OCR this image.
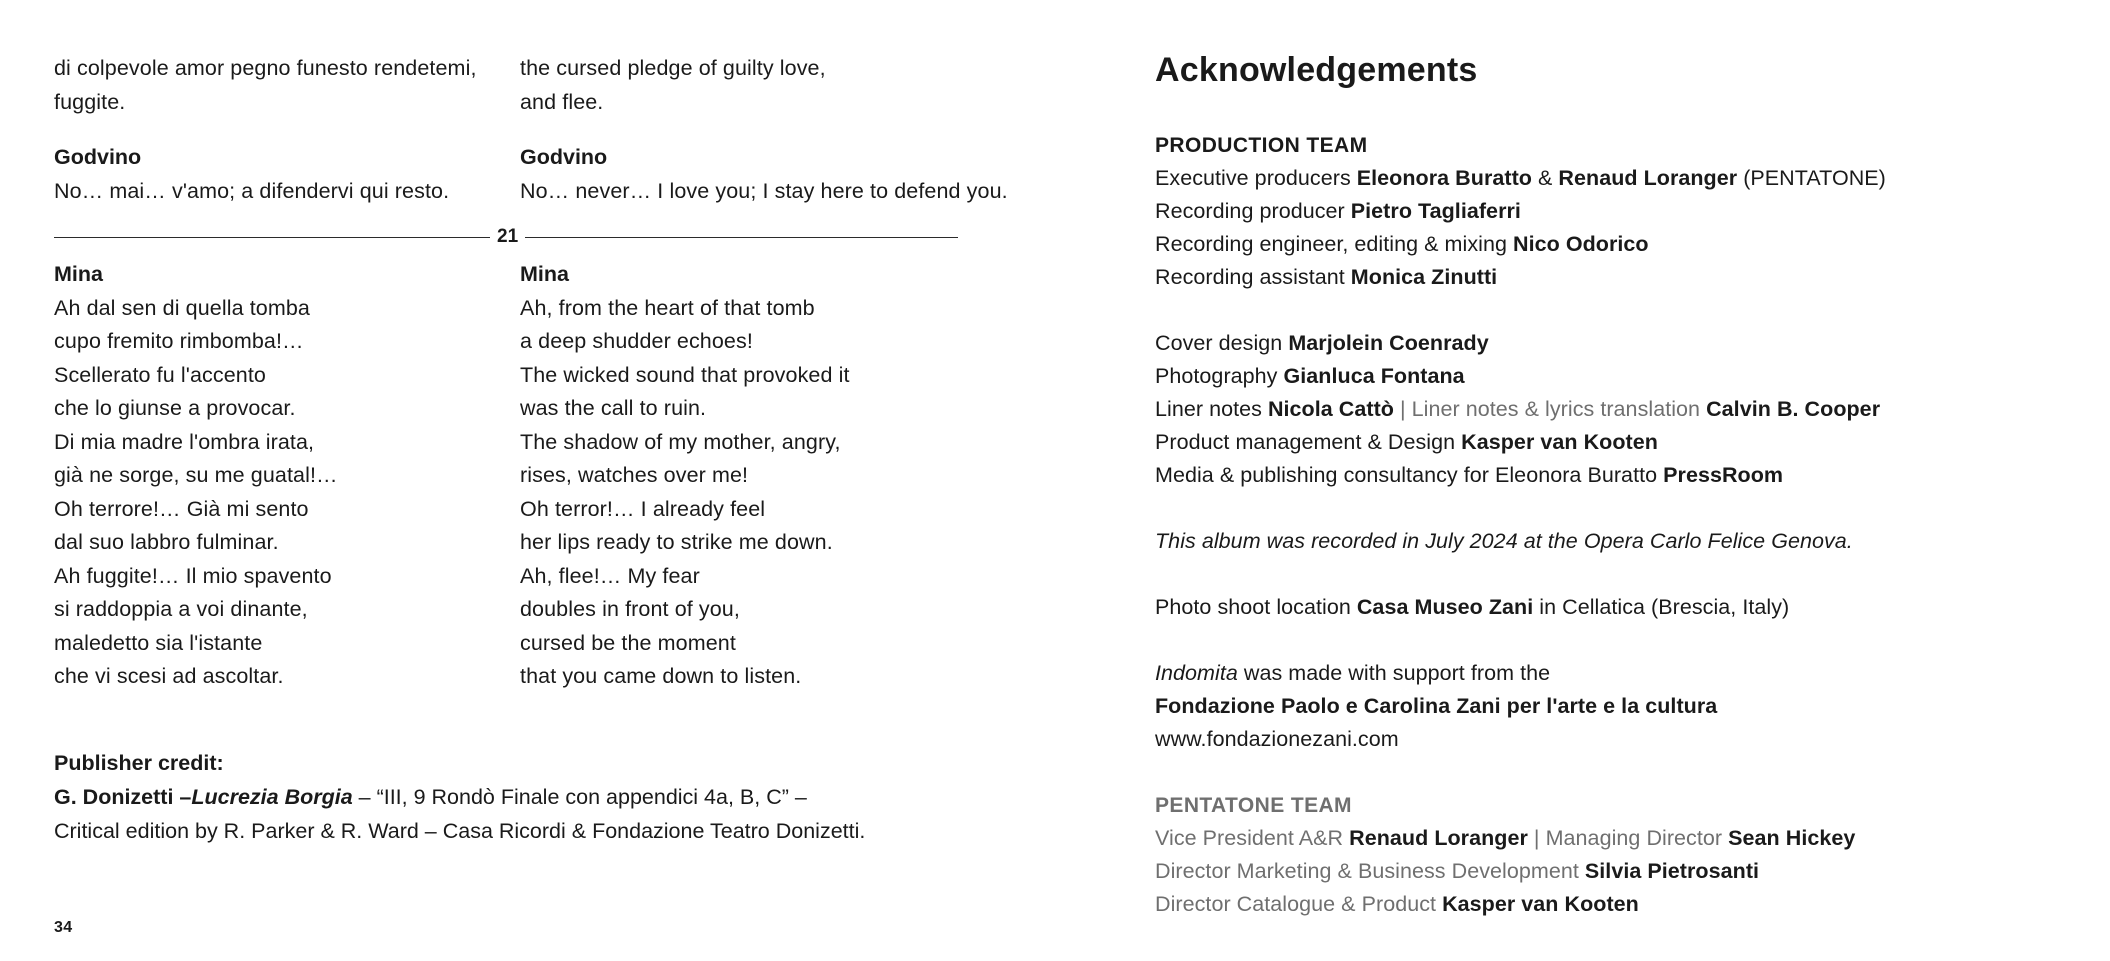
di colpevole amor pegno funesto rendetemi,
fuggite.
Godvino
No… mai… v'amo; a difendervi qui resto.
the cursed pledge of guilty love,
and flee.
Godvino
No… never… I love you; I stay here to defend you.
21
Mina
Ah dal sen di quella tomba
cupo fremito rimbomba!…
Scellerato fu l'accento
che lo giunse a provocar.
Di mia madre l'ombra irata,
già ne sorge, su me guatal!…
Oh terrore!… Già mi sento
dal suo labbro fulminar.
Ah fuggite!… Il mio spavento
si raddoppia a voi dinante,
maledetto sia l'istante
che vi scesi ad ascoltar.
Mina
Ah, from the heart of that tomb
a deep shudder echoes!
The wicked sound that provoked it
was the call to ruin.
The shadow of my mother, angry,
rises, watches over me!
Oh terror!… I already feel
her lips ready to strike me down.
Ah, flee!… My fear
doubles in front of you,
cursed be the moment
that you came down to listen.
Publisher credit:
G. Donizetti –Lucrezia Borgia – “III, 9 Rondò Finale con appendici 4a, B, C” –
Critical edition by R. Parker & R. Ward – Casa Ricordi & Fondazione Teatro Donizetti.
34
Acknowledgements
PRODUCTION TEAM
Executive producers Eleonora Buratto & Renaud Loranger (PENTATONE)
Recording producer Pietro Tagliaferri
Recording engineer, editing & mixing Nico Odorico
Recording assistant Monica Zinutti
Cover design Marjolein Coenrady
Photography Gianluca Fontana
Liner notes Nicola Cattò | Liner notes & lyrics translation Calvin B. Cooper
Product management & Design Kasper van Kooten
Media & publishing consultancy for Eleonora Buratto PressRoom
This album was recorded in July 2024 at the Opera Carlo Felice Genova.
Photo shoot location Casa Museo Zani in Cellatica (Brescia, Italy)
Indomita was made with support from the
Fondazione Paolo e Carolina Zani per l'arte e la cultura
www.fondazionezani.com
PENTATONE TEAM
Vice President A&R Renaud Loranger | Managing Director Sean Hickey
Director Marketing & Business Development Silvia Pietrosanti
Director Catalogue & Product Kasper van Kooten
